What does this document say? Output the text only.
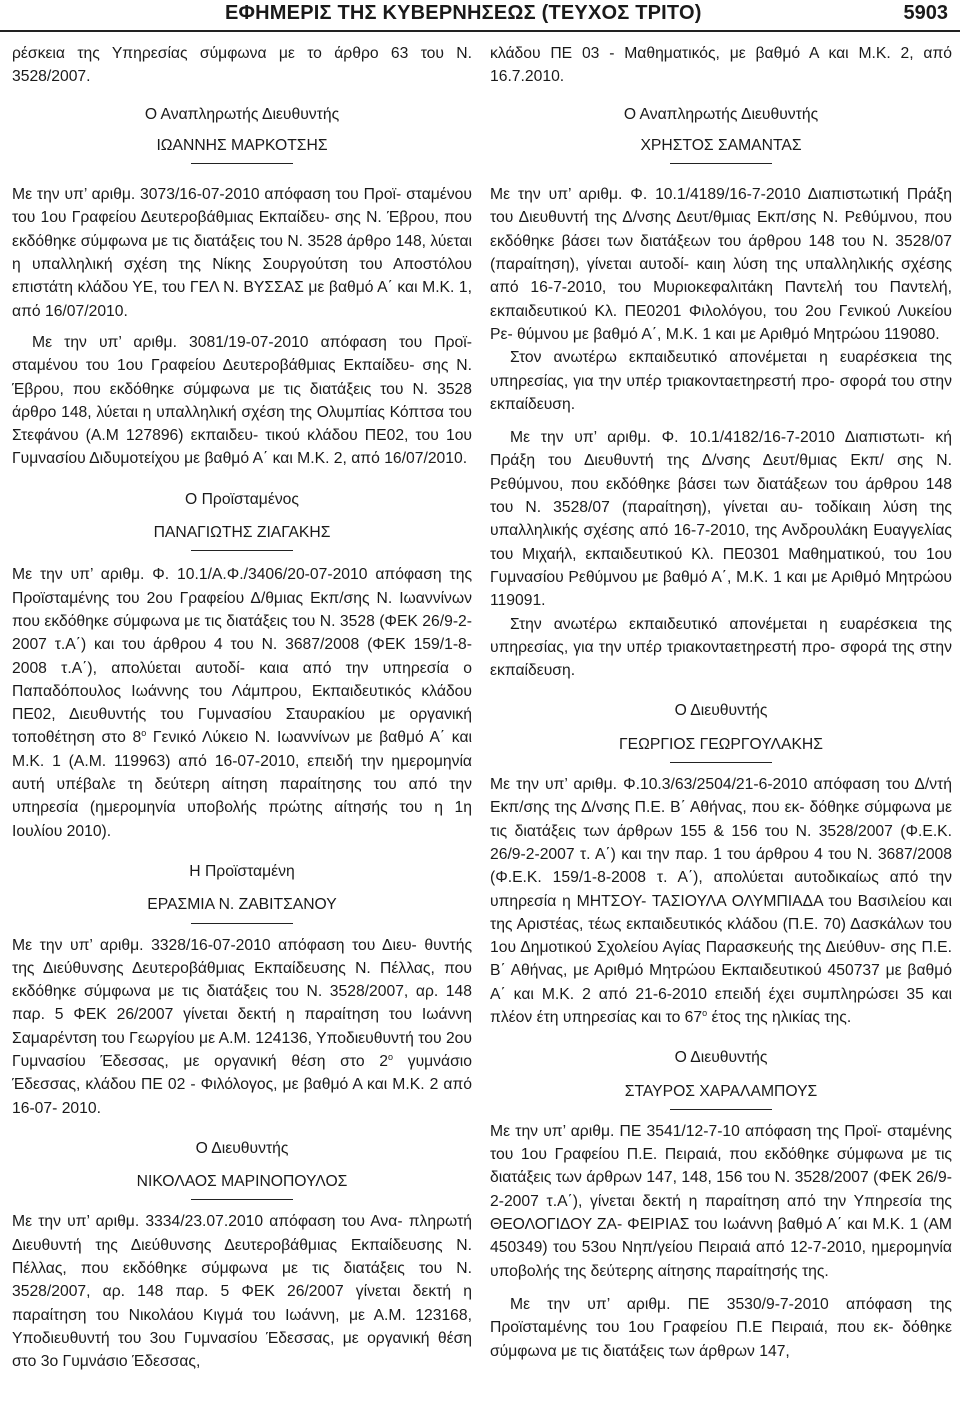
ΕΦΗΜΕΡΙΣ ΤΗΣ ΚΥΒΕΡΝΗΣΕΩΣ (ΤΕΥΧΟΣ ΤΡΙΤΟ)	5903

ρέσκεια της Υπηρεσίας σύμφωνα με το άρθρο 63 του Ν. 3528/2007.

Ο Αναπληρωτής Διευθυντής

ΙΩΑΝΝΗΣ ΜΑΡΚΟΤΣΗΣ

Με την υπ’ αριθμ. 3073/16-07-2010 απόφαση του Προϊ- σταμένου του 1ου Γραφείου Δευτεροβάθμιας Εκπαίδευ- σης Ν. Έβρου, που εκδόθηκε σύμφωνα με τις διατάξεις του Ν. 3528 άρθρο 148, λύεται η υπαλληλική σχέση της Νίκης Σουργούτση του Αποστόλου επιστάτη κλάδου ΥΕ, του ΓΕΛ Ν. ΒΥΣΣΑΣ με βαθμό Α΄ και Μ.Κ. 1, από 16/07/2010.

Με την υπ’ αριθμ. 3081/19-07-2010 απόφαση του Προϊ- σταμένου του 1ου Γραφείου Δευτεροβάθμιας Εκπαίδευ- σης Ν. Έβρου, που εκδόθηκε σύμφωνα με τις διατάξεις του Ν. 3528 άρθρο 148, λύεται η υπαλληλική σχέση της Ολυμπίας Κόπτσα του Στεφάνου (Α.Μ 127896) εκπαιδευ- τικού κλάδου ΠΕ02, του 1ου Γυμνασίου Διδυμοτείχου με βαθμό Α΄ και Μ.Κ. 2, από 16/07/2010.

Ο Προϊσταμένος

ΠΑΝΑΓΙΩΤΗΣ ΖΙΑΓΑΚΗΣ

Με την υπ’ αριθμ. Φ. 10.1/Α.Φ./3406/20-07-2010 απόφαση της Προϊσταμένης του 2ου Γραφείου Δ/θμιας Εκπ/σης Ν. Ιωαννίνων που εκδόθηκε σύμφωνα με τις διατάξεις του Ν. 3528 (ΦΕΚ 26/9-2-2007 τ.Α΄) και του άρθρου 4 του Ν. 3687/2008 (ΦΕΚ 159/1-8-2008 τ.Α΄), απολύεται αυτοδί- καια από την υπηρεσία ο Παπαδόπουλος Ιωάννης του Λάμπρου, Εκπαιδευτικός κλάδου ΠΕ02, Διευθυντής του Γυμνασίου Σταυρακίου με οργανική τοποθέτηση στο $8^o$ Γενικό Λύκειο Ν. Ιωαννίνων με βαθμό Α΄ και Μ.Κ. 1 (Α.Μ. 119963) από 16-07-2010, επειδή την ημερομηνία αυτή υπέβαλε τη δεύτερη αίτηση παραίτησης του από την υπηρεσία (ημερομηνία υποβολής πρώτης αίτησής του η 1η Ιουλίου 2010).

Η Προϊσταμένη

ΕΡΑΣΜΙΑ Ν. ΖΑΒΙΤΣΑΝΟΥ

Με την υπ’ αριθμ. 3328/16-07-2010 απόφαση του Διευ- θυντής της Διεύθυνσης Δευτεροβάθμιας Εκπαίδευσης Ν. Πέλλας, που εκδόθηκε σύμφωνα με τις διατάξεις του Ν. 3528/2007, αρ. 148 παρ. 5 ΦΕΚ 26/2007 γίνεται δεκτή η παραίτηση του Ιωάννη Σαμαρέντση του Γεωργίου με Α.Μ. 124136, Υποδιευθυντή του 2ου Γυμνασίου Έδεσσας, με οργανική θέση στο $2^o$ γυμνάσιο Έδεσσας, κλάδου ΠΕ 02 - Φιλόλογος, με βαθμό Α και Μ.Κ. 2 από 16-07- 2010.

Ο Διευθυντής

ΝΙΚΟΛΑΟΣ ΜΑΡΙΝΟΠΟΥΛΟΣ

Με την υπ’ αριθμ. 3334/23.07.2010 απόφαση του Ανα- πληρωτή Διευθυντή της Διεύθυνσης Δευτεροβάθμιας Εκπαίδευσης Ν. Πέλλας, που εκδόθηκε σύμφωνα με τις διατάξεις του Ν. 3528/2007, αρ. 148 παρ. 5 ΦΕΚ 26/2007 γίνεται δεκτή η παραίτηση του Νικολάου Κιγμά του Ιωάννη, με Α.Μ. 123168, Υποδιευθυντή του 3ου Γυμνασίου Έδεσσας, με οργανική θέση στο 3ο Γυμνάσιο Έδεσσας,

κλάδου ΠΕ 03 - Μαθηματικός, με βαθμό Α και Μ.Κ. 2, από 16.7.2010.

Ο Αναπληρωτής Διευθυντής

ΧΡΗΣΤΟΣ ΣΑΜΑΝΤΑΣ

Με την υπ’ αριθμ. Φ. 10.1/4189/16-7-2010 Διαπιστωτική Πράξη του Διευθυντή της Δ/νσης Δευτ/θμιας Εκπ/σης Ν. Ρεθύμνου, που εκδόθηκε βάσει των διατάξεων του άρθρου 148 του Ν. 3528/07 (παραίτηση), γίνεται αυτοδί- καιη λύση της υπαλληλικής σχέσης από 16-7-2010, του Μυριοκεφαλιτάκη Παντελή του Παντελή, εκπαιδευτικού Κλ. ΠΕ0201 Φιλολόγου, του 2ου Γενικού Λυκείου Ρε- θύμνου με βαθμό Α΄, Μ.Κ. 1 και με Αριθμό Μητρώου 119080.

Στον ανωτέρω εκπαιδευτικό απονέμεται η ευαρέσκεια της υπηρεσίας, για την υπέρ τριακονταετηρεστή προ- σφορά του στην εκπαίδευση.

Με την υπ’ αριθμ. Φ. 10.1/4182/16-7-2010 Διαπιστωτι- κή Πράξη του Διευθυντή της Δ/νσης Δευτ/θμιας Εκπ/ σης Ν. Ρεθύμνου, που εκδόθηκε βάσει των διατάξεων του άρθρου 148 του Ν. 3528/07 (παραίτηση), γίνεται αυ- τοδίκαιη λύση της υπαλληλικής σχέσης από 16-7-2010, της Ανδρουλάκη Ευαγγελίας του Μιχαήλ, εκπαιδευτικού Κλ. ΠΕ0301 Μαθηματικού, του 1ου Γυμνασίου Ρεθύμνου με βαθμό Α΄, Μ.Κ. 1 και με Αριθμό Μητρώου 119091.

Στην ανωτέρω εκπαιδευτικό απονέμεται η ευαρέσκεια της υπηρεσίας, για την υπέρ τριακονταετηρεστή προ- σφορά της στην εκπαίδευση.

Ο Διευθυντής

ΓΕΩΡΓΙΟΣ ΓΕΩΡΓΟΥΛΑΚΗΣ

Με την υπ’ αριθμ. Φ.10.3/63/2504/21-6-2010 απόφαση του Δ/ντή Εκπ/σης της Δ/νσης Π.Ε. Β΄ Αθήνας, που εκ- δόθηκε σύμφωνα με τις διατάξεις των άρθρων 155 & 156 του Ν. 3528/2007 (Φ.Ε.Κ. 26/9-2-2007 τ. Α΄) και την παρ. 1 του άρθρου 4 του Ν. 3687/2008 (Φ.Ε.Κ. 159/1-8-2008 τ. Α΄), απολύεται αυτοδικαίως από την υπηρεσία η ΜΗΤΣΟΥ- ΤΑΣΙΟΥΛΑ ΟΛΥΜΠΙΑΔΑ του Βασιλείου και της Αριστέας, τέως εκπαιδευτικός κλάδου (Π.Ε. 70) Δασκάλων του 1ου Δημοτικού Σχολείου Αγίας Παρασκευής της Διεύθυν- σης Π.Ε. Β΄ Αθήνας, με Αριθμό Μητρώου Εκπαιδευτικού 450737 με βαθμό Α΄ και Μ.Κ. 2 από 21-6-2010 επειδή έχει συμπληρώσει 35 και πλέον έτη υπηρεσίας και το $67^o$ έτος της ηλικίας της.

Ο Διευθυντής

ΣΤΑΥΡΟΣ ΧΑΡΑΛΑΜΠΟΥΣ

Με την υπ’ αριθμ. ΠΕ 3541/12-7-10 απόφαση της Προϊ- σταμένης του 1ου Γραφείου Π.Ε. Πειραιά, που εκδόθηκε σύμφωνα με τις διατάξεις των άρθρων 147, 148, 156 του Ν. 3528/2007 (ΦΕΚ 26/9-2-2007 τ.Α΄), γίνεται δεκτή η παραίτηση από την Υπηρεσία της ΘΕΟΛΟΓΙΔΟΥ ΖΑ- ΦΕΙΡΙΑΣ του Ιωάννη βαθμό Α΄ και Μ.Κ. 1 (ΑΜ 450349) του 53ου Νηπ/γείου Πειραιά από 12-7-2010, ημερομηνία υποβολής της δεύτερης αίτησης παραίτησής της.

Με την υπ’ αριθμ. ΠΕ 3530/9-7-2010 απόφαση της Προϊσταμένης του 1ου Γραφείου Π.Ε Πειραιά, που εκ- δόθηκε σύμφωνα με τις διατάξεις των άρθρων 147,
